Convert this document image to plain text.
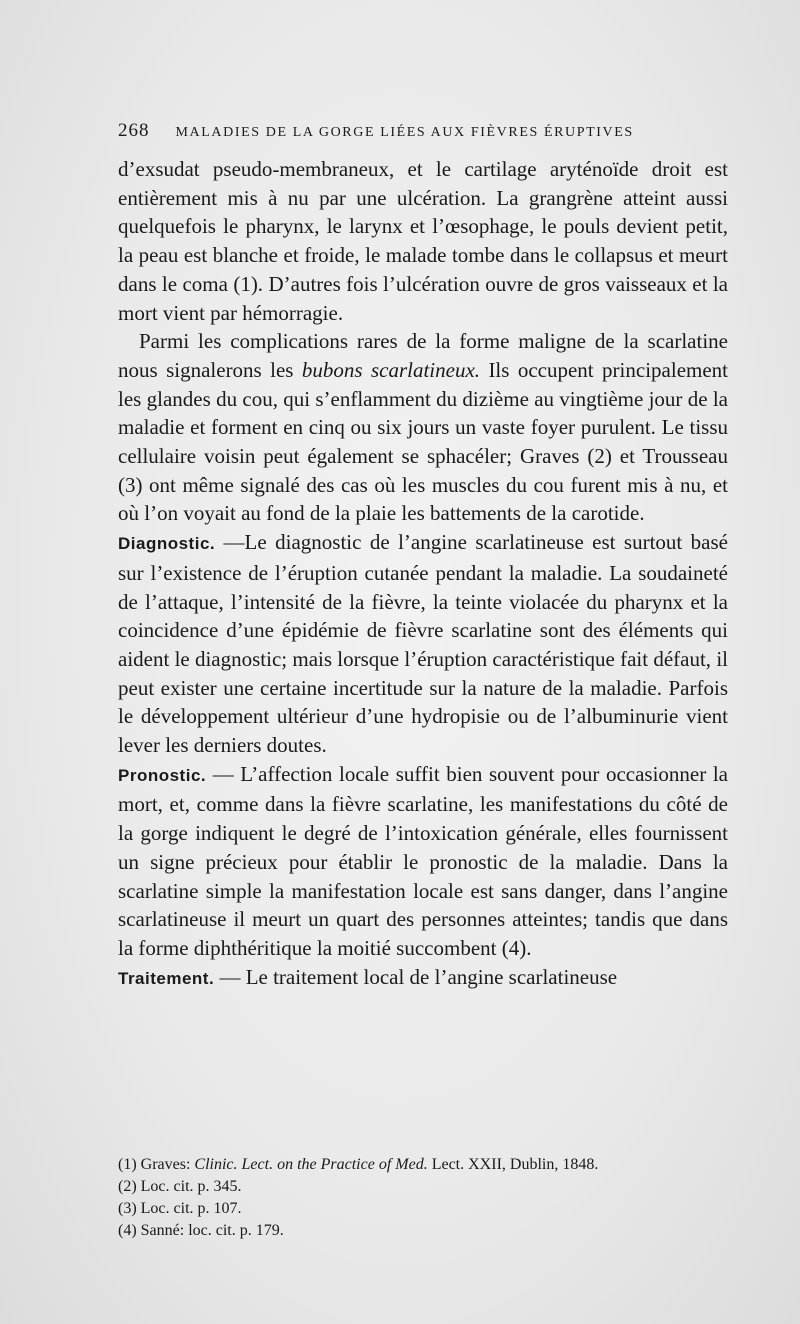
268 MALADIES DE LA GORGE LIÉES AUX FIÈVRES ÉRUPTIVES

d’exsudat pseudo-membraneux, et le cartilage aryténoïde droit est entièrement mis à nu par une ulcération. La grangrène atteint aussi quelquefois le pharynx, le larynx et l’œsophage, le pouls devient petit, la peau est blanche et froide, le malade tombe dans le collapsus et meurt dans le coma (1). D’autres fois l’ulcération ouvre de gros vaisseaux et la mort vient par hémorragie.

 Parmi les complications rares de la forme maligne de la scarlatine nous signalerons les bubons scarlatineux. Ils occupent principalement les glandes du cou, qui s’enflamment du dizième au vingtième jour de la maladie et forment en cinq ou six jours un vaste foyer purulent. Le tissu cellulaire voisin peut également se sphacéler; Graves (2) et Trousseau (3) ont même signalé des cas où les muscles du cou furent mis à nu, et où l’on voyait au fond de la plaie les battements de la carotide.

Diagnostic. —Le diagnostic de l’angine scarlatineuse est surtout basé sur l’existence de l’éruption cutanée pendant la maladie. La soudaineté de l’attaque, l’intensité de la fièvre, la teinte violacée du pharynx et la coincidence d’une épidémie de fièvre scarlatine sont des éléments qui aident le diagnostic; mais lorsque l’éruption caractéristique fait défaut, il peut exister une certaine incertitude sur la nature de la maladie. Parfois le développement ultérieur d’une hydropisie ou de l’albuminurie vient lever les derniers doutes.

Pronostic. — L’affection locale suffit bien souvent pour occasionner la mort, et, comme dans la fièvre scarlatine, les manifestations du côté de la gorge indiquent le degré de l’intoxication générale, elles fournissent un signe précieux pour établir le pronostic de la maladie. Dans la scarlatine simple la manifestation locale est sans danger, dans l’angine scarlatineuse il meurt un quart des personnes atteintes; tandis que dans la forme diphthéritique la moitié succombent (4).

Traitement. — Le traitement local de l’angine scarlatineuse

(1) Graves: Clinic. Lect. on the Practice of Med. Lect. XXII, Dublin, 1848.
(2) Loc. cit. p. 345.
(3) Loc. cit. p. 107.
(4) Sanné: loc. cit. p. 179.
